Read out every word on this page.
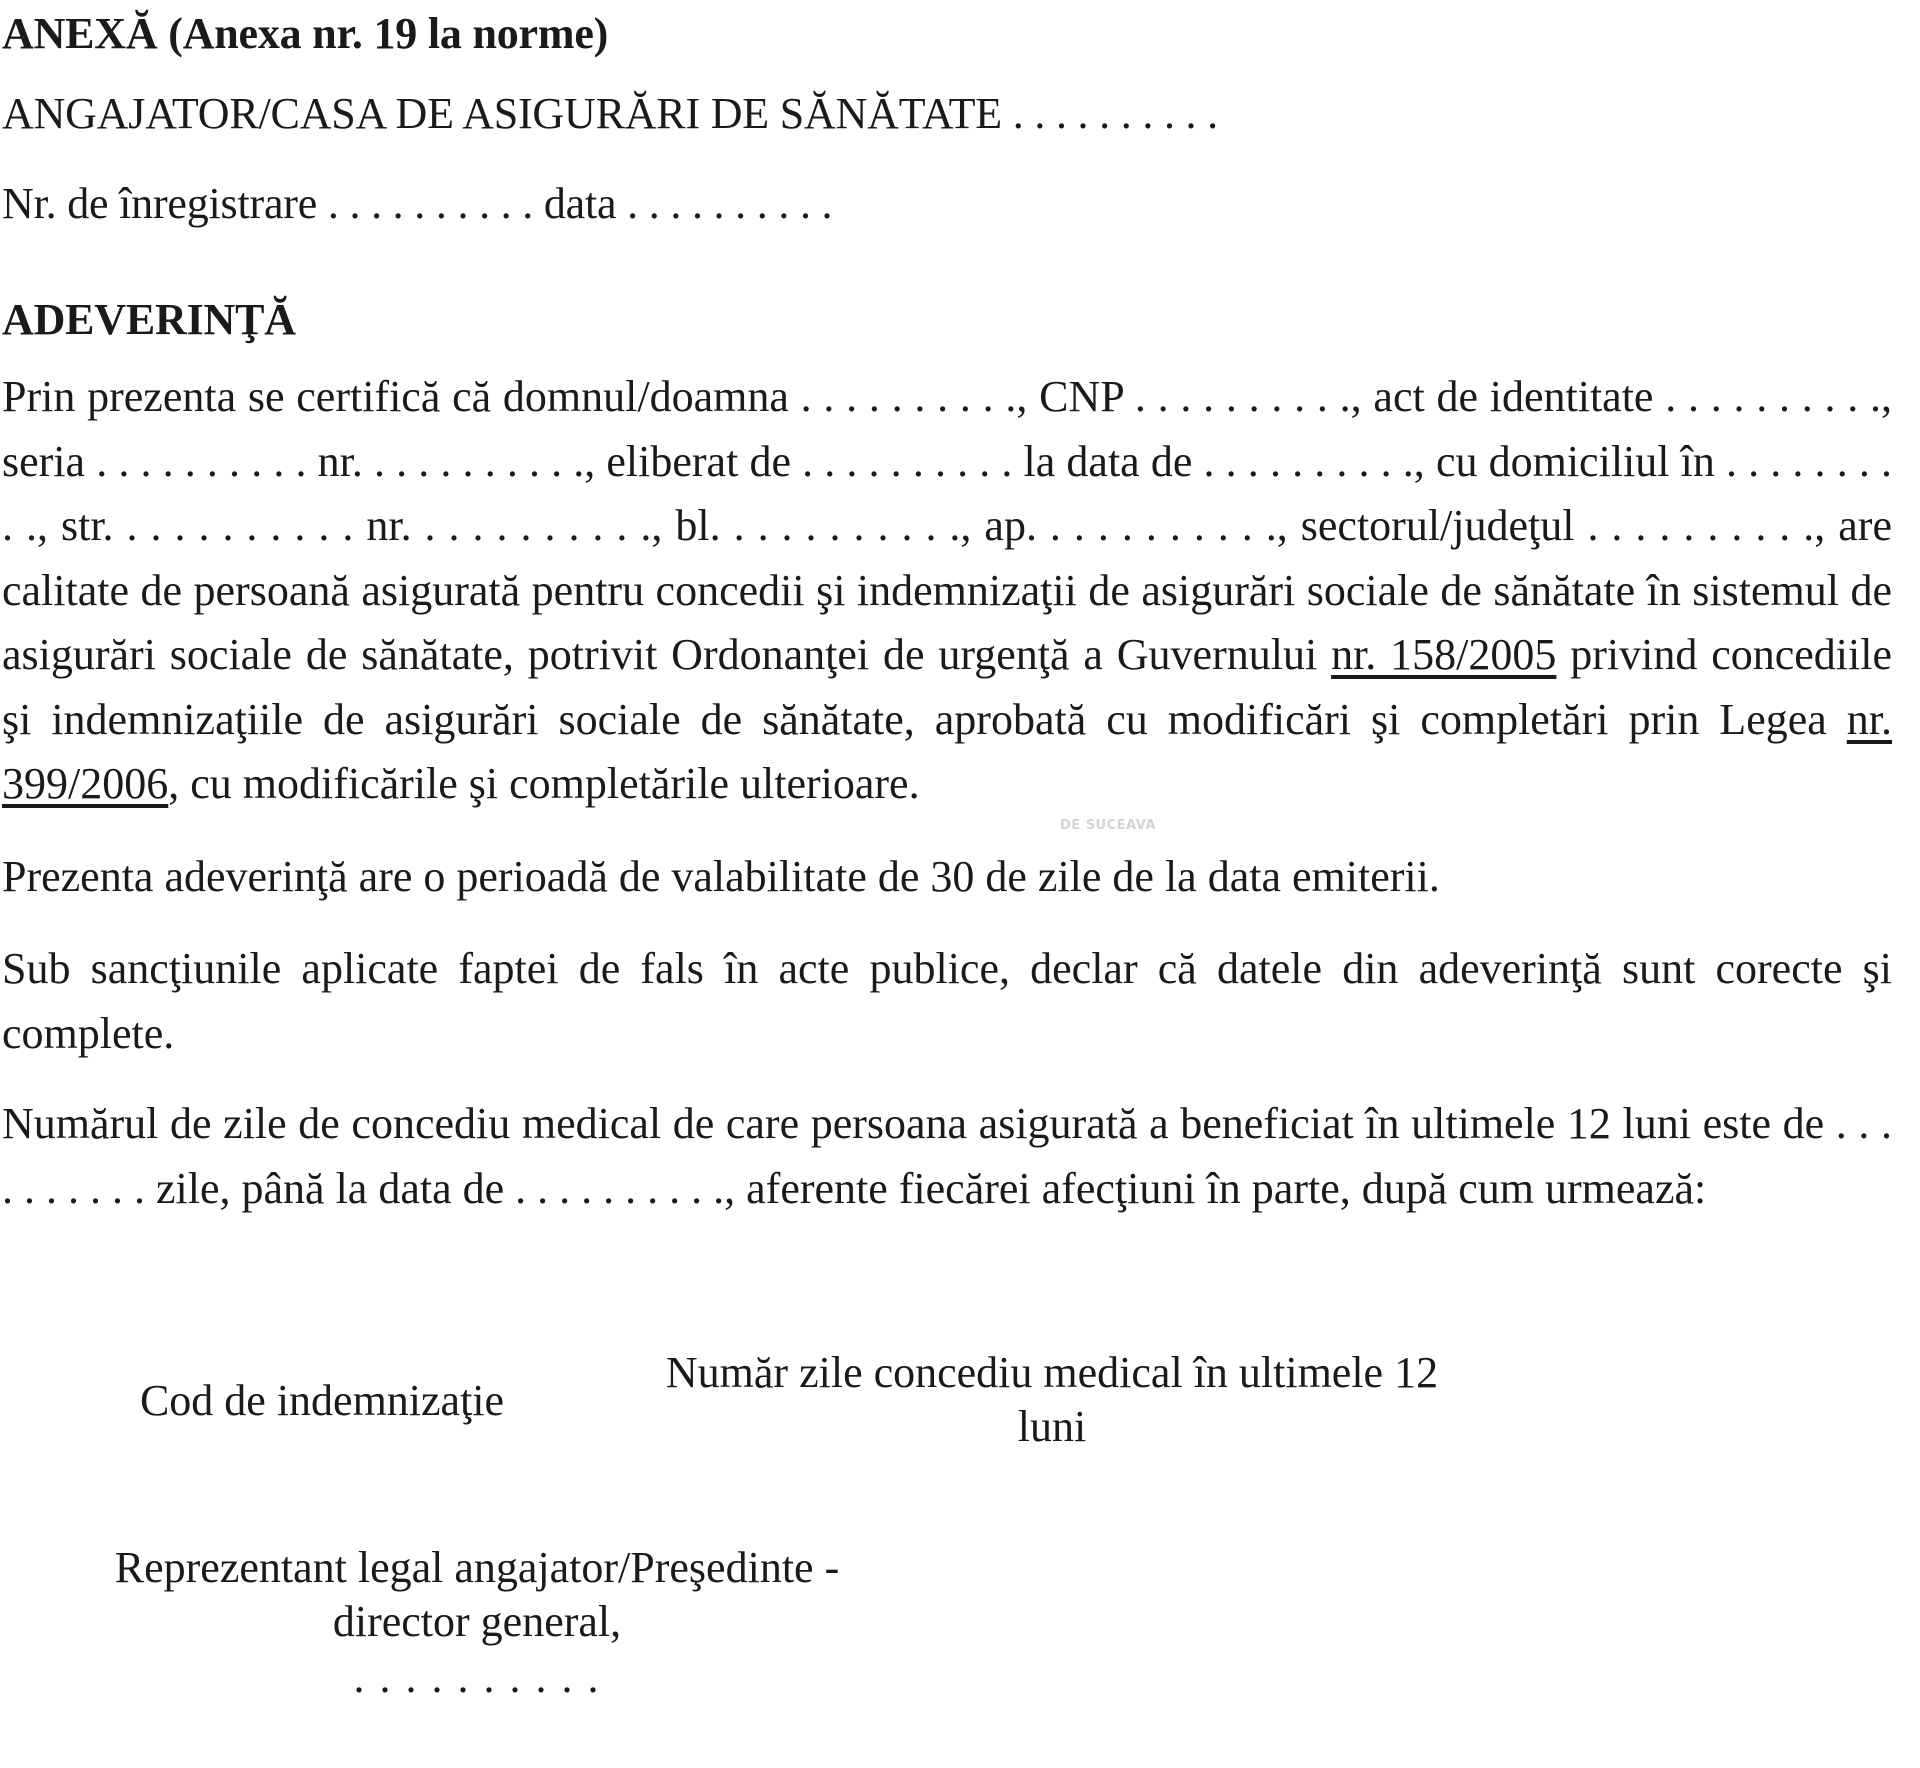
ANEXĂ (Anexa nr. 19 la norme)
ANGAJATOR/CASA DE ASIGURĂRI DE SĂNĂTATE . . . . . . . . . .
Nr. de înregistrare . . . . . . . . . . data . . . . . . . . . .
ADEVERINŢĂ
Prin prezenta se certifică că domnul/doamna . . . . . . . . . ., CNP . . . . . . . . . ., act de identitate . . . . . . . . . ., seria . . . . . . . . . . nr. . . . . . . . . . ., eliberat de . . . . . . . . . . la data de . . . . . . . . . ., cu domiciliul în . . . . . . . . . ., str. . . . . . . . . . . nr. . . . . . . . . . ., bl. . . . . . . . . . ., ap. . . . . . . . . . ., sectorul/judeţul . . . . . . . . . ., are calitate de persoană asigurată pentru concedii şi indemnizaţii de asigurări sociale de sănătate în sistemul de asigurări sociale de sănătate, potrivit Ordonanţei de urgenţă a Guvernului nr. 158/2005 privind concediile şi indemnizaţiile de asigurări sociale de sănătate, aprobată cu modificări şi completări prin Legea nr. 399/2006, cu modificările şi completările ulterioare.
DE SUCEAVA
Prezenta adeverinţă are o perioadă de valabilitate de 30 de zile de la data emiterii.
Sub sancţiunile aplicate faptei de fals în acte publice, declar că datele din adeverinţă sunt corecte şi complete.
Numărul de zile de concediu medical de care persoana asigurată a beneficiat în ultimele 12 luni este de . . . . . . . . . . zile, până la data de . . . . . . . . . ., aferente fiecărei afecţiuni în parte, după cum urmează:
Cod de indemnizaţie
Număr zile concediu medical în ultimele 12 luni
Reprezentant legal angajator/Preşedinte -
director general,
. . . . . . . . . .
